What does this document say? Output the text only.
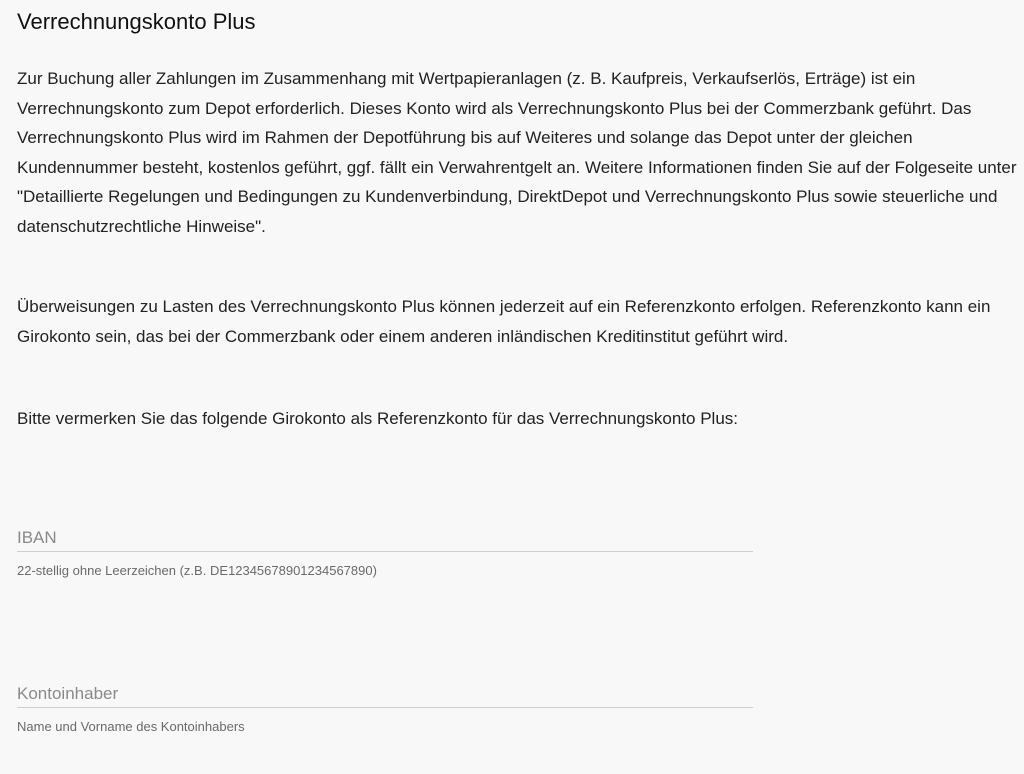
Verrechnungskonto Plus

Zur Buchung aller Zahlungen im Zusammenhang mit Wertpapieranlagen (z. B. Kaufpreis, Verkaufserlös, Erträge) ist ein Verrechnungskonto zum Depot erforderlich. Dieses Konto wird als Verrechnungskonto Plus bei der Commerzbank geführt. Das Verrechnungskonto Plus wird im Rahmen der Depotführung bis auf Weiteres und solange das Depot unter der gleichen Kundennummer besteht, kostenlos geführt, ggf. fällt ein Verwahrentgelt an. Weitere Informationen finden Sie auf der Folgeseite unter "Detaillierte Regelungen und Bedingungen zu Kundenverbindung, DirektDepot und Verrechnungskonto Plus sowie steuerliche und datenschutzrechtliche Hinweise".

Überweisungen zu Lasten des Verrechnungskonto Plus können jederzeit auf ein Referenzkonto erfolgen. Referenzkonto kann ein Girokonto sein, das bei der Commerzbank oder einem anderen inländischen Kreditinstitut geführt wird.

Bitte vermerken Sie das folgende Girokonto als Referenzkonto für das Verrechnungskonto Plus:

IBAN
22-stellig ohne Leerzeichen (z.B. DE12345678901234567890)
Kontoinhaber
Name und Vorname des Kontoinhabers
